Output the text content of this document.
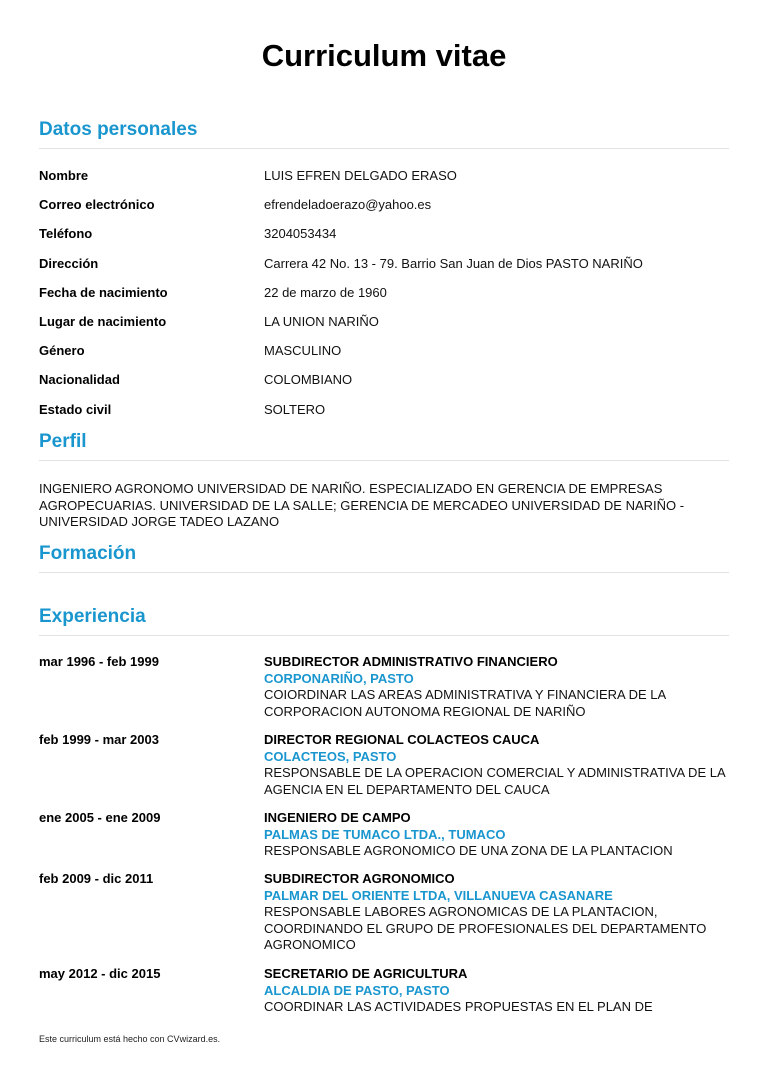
Curriculum vitae
Datos personales
Nombre	LUIS EFREN DELGADO ERASO
Correo electrónico	efrendeladoerazo@yahoo.es
Teléfono	3204053434
Dirección	Carrera 42 No. 13 - 79. Barrio San Juan de Dios PASTO NARIÑO
Fecha de nacimiento	22 de marzo de 1960
Lugar de nacimiento	LA UNION NARIÑO
Género	MASCULINO
Nacionalidad	COLOMBIANO
Estado civil	SOLTERO
Perfil
INGENIERO AGRONOMO UNIVERSIDAD DE NARIÑO. ESPECIALIZADO EN GERENCIA DE EMPRESAS AGROPECUARIAS. UNIVERSIDAD DE LA SALLE; GERENCIA DE MERCADEO UNIVERSIDAD DE NARIÑO - UNIVERSIDAD JORGE TADEO LAZANO
Formación
Experiencia
mar 1996 - feb 1999	SUBDIRECTOR ADMINISTRATIVO FINANCIERO
CORPONARIÑO, PASTO
COIORDINAR LAS AREAS ADMINISTRATIVA Y FINANCIERA DE LA CORPORACION AUTONOMA REGIONAL DE NARIÑO
feb 1999 - mar 2003	DIRECTOR REGIONAL COLACTEOS CAUCA
COLACTEOS, PASTO
RESPONSABLE DE LA OPERACION COMERCIAL Y ADMINISTRATIVA DE LA AGENCIA EN EL DEPARTAMENTO DEL CAUCA
ene 2005 - ene 2009	INGENIERO DE CAMPO
PALMAS DE TUMACO LTDA., TUMACO
RESPONSABLE AGRONOMICO DE UNA ZONA DE LA PLANTACION
feb 2009 - dic 2011	SUBDIRECTOR AGRONOMICO
PALMAR DEL ORIENTE LTDA, VILLANUEVA CASANARE
RESPONSABLE LABORES AGRONOMICAS DE LA PLANTACION, COORDINANDO EL GRUPO DE PROFESIONALES DEL DEPARTAMENTO AGRONOMICO
may 2012 - dic 2015	SECRETARIO DE AGRICULTURA
ALCALDIA DE PASTO, PASTO
COORDINAR LAS ACTIVIDADES PROPUESTAS EN EL PLAN DE
Este curriculum está hecho con CVwizard.es.
